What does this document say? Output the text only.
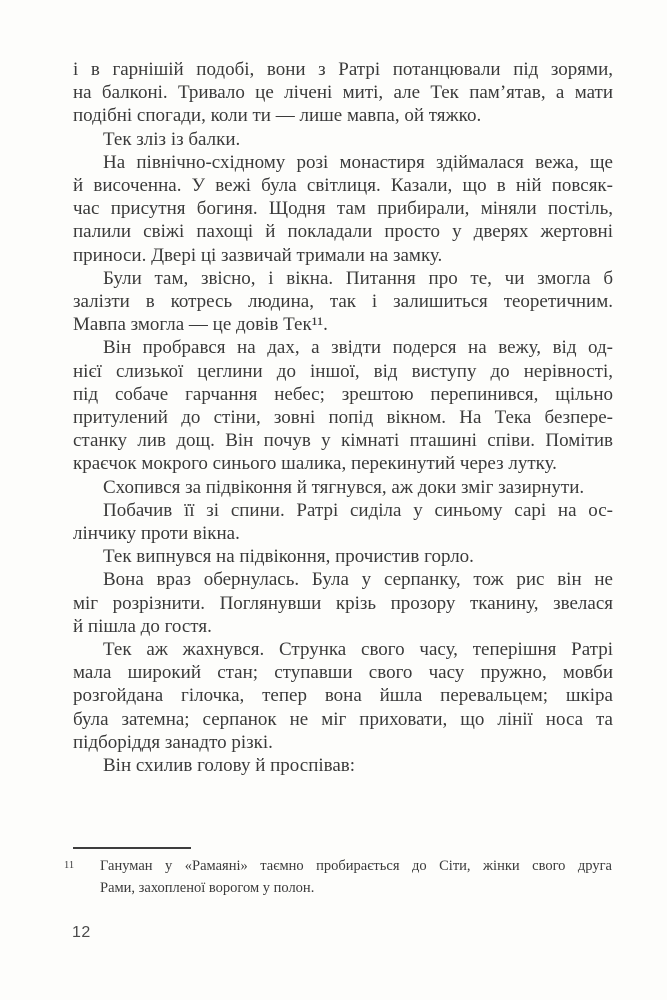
і в гарнішій подобі, вони з Ратрі потанцювали під зорями,
на балконі. Тривало це лічені миті, але Тек пам’ятав, а мати
подібні спогади, коли ти — лише мавпа, ой тяжко.
Тек зліз із балки.
На північно-східному розі монастиря здіймалася вежа, ще
й височенна. У вежі була світлиця. Казали, що в ній повсяк-
час присутня богиня. Щодня там прибирали, міняли постіль,
палили свіжі пахощі й покладали просто у дверях жертовні
приноси. Двері ці зазвичай тримали на замку.
Були там, звісно, і вікна. Питання про те, чи змогла б
залізти в котресь людина, так і залишиться теоретичним.
Мавпа змогла — це довів Тек¹¹.
Він пробрався на дах, а звідти подерся на вежу, від од-
нієї слизької цеглини до іншої, від виступу до нерівності,
під собаче гарчання небес; зрештою перепинився, щільно
притулений до стіни, зовні попід вікном. На Тека безпере-
станку лив дощ. Він почув у кімнаті пташині співи. Помітив
краєчок мокрого синього шалика, перекинутий через лутку.
Схопився за підвіконня й тягнувся, аж доки зміг зазирнути.
Побачив її зі спини. Ратрі сиділа у синьому сарі на ос-
лінчику проти вікна.
Тек випнувся на підвіконня, прочистив горло.
Вона враз обернулась. Була у серпанку, тож рис він не
міг розрізнити. Поглянувши крізь прозору тканину, звелася
й пішла до гостя.
Тек аж жахнувся. Струнка свого часу, теперішня Ратрі
мала широкий стан; ступавши свого часу пружно, мовби
розгойдана гілочка, тепер вона йшла перевальцем; шкіра
була затемна; серпанок не міг приховати, що лінії носа та
підборіддя занадто різкі.
Він схилив голову й проспівав:
11 Гануман у «Рамаяні» таємно пробирається до Сіти, жінки свого друга
Рами, захопленої ворогом у полон.
12
